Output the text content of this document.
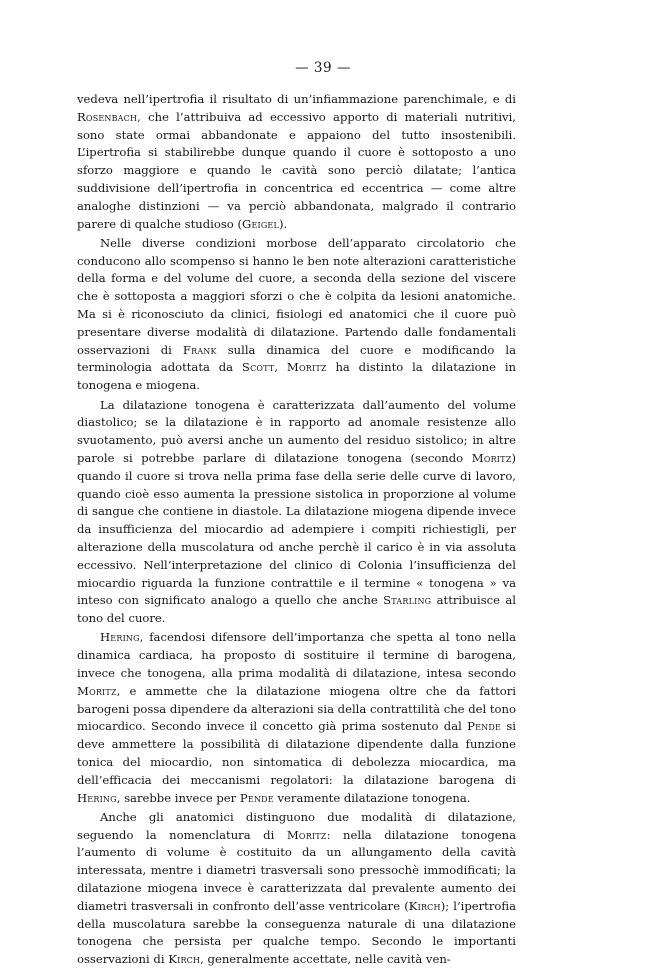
— 39 —

vedeva nell’ipertrofia il risultato di un’infiammazione parenchimale, e di Rosenbach, che l’attribuiva ad eccessivo apporto di materiali nutritivi, sono state ormai abbandonate e appaiono del tutto insostenibili. L’ipertrofia si stabilirebbe dunque quando il cuore è sottoposto a uno sforzo maggiore e quando le cavità sono perciò dilatate; l’antica suddivisione dell’ipertrofia in concentrica ed eccentrica — come altre analoghe distinzioni — va perciò abbandonata, malgrado il contrario parere di qualche studioso (Geigel).

Nelle diverse condizioni morbose dell’apparato circolatorio che conducono allo scompenso si hanno le ben note alterazioni caratteristiche della forma e del volume del cuore, a seconda della sezione del viscere che è sottoposta a maggiori sforzi o che è colpita da lesioni anatomiche. Ma si è riconosciuto da clinici, fisiologi ed anatomici che il cuore può presentare diverse modalità di dilatazione. Partendo dalle fondamentali osservazioni di Frank sulla dinamica del cuore e modificando la terminologia adottata da Scott, Moritz ha distinto la dilatazione in tonogena e miogena.

La dilatazione tonogena è caratterizzata dall’aumento del volume diastolico; se la dilatazione è in rapporto ad anomale resistenze allo svuotamento, può aversi anche un aumento del residuo sistolico; in altre parole si potrebbe parlare di dilatazione tonogena (secondo Moritz) quando il cuore si trova nella prima fase della serie delle curve di lavoro, quando cioè esso aumenta la pressione sistolica in proporzione al volume di sangue che contiene in diastole. La dilatazione miogena dipende invece da insufficienza del miocardio ad adempiere i compiti richiestigli, per alterazione della muscolatura od anche perchè il carico è in via assoluta eccessivo. Nell’interpretazione del clinico di Colonia l’insufficienza del miocardio riguarda la funzione contrattile e il termine « tonogena » va inteso con significato analogo a quello che anche Starling attribuisce al tono del cuore.

Hering, facendosi difensore dell’importanza che spetta al tono nella dinamica cardiaca, ha proposto di sostituire il termine di barogena, invece che tonogena, alla prima modalità di dilatazione, intesa secondo Moritz, e ammette che la dilatazione miogena oltre che da fattori barogeni possa dipendere da alterazioni sia della contrattilità che del tono miocardico. Secondo invece il concetto già prima sostenuto dal Pende si deve ammettere la possibilità di dilatazione dipendente dalla funzione tonica del miocardio, non sintomatica di debolezza miocardica, ma dell’efficacia dei meccanismi regolatori: la dilatazione barogena di Hering, sarebbe invece per Pende veramente dilatazione tonogena.

Anche gli anatomici distinguono due modalità di dilatazione, seguendo la nomenclatura di Moritz: nella dilatazione tonogena l’aumento di volume è costituito da un allungamento della cavità interessata, mentre i diametri trasversali sono pressochè immodificati; la dilatazione miogena invece è caratterizzata dal prevalente aumento dei diametri trasversali in confronto dell’asse ventricolare (Kirch); l’ipertrofia della muscolatura sarebbe la conseguenza naturale di una dilatazione tonogena che persista per qualche tempo. Secondo le importanti osservazioni di Kirch, generalmente accettate, nelle cavità ven-
